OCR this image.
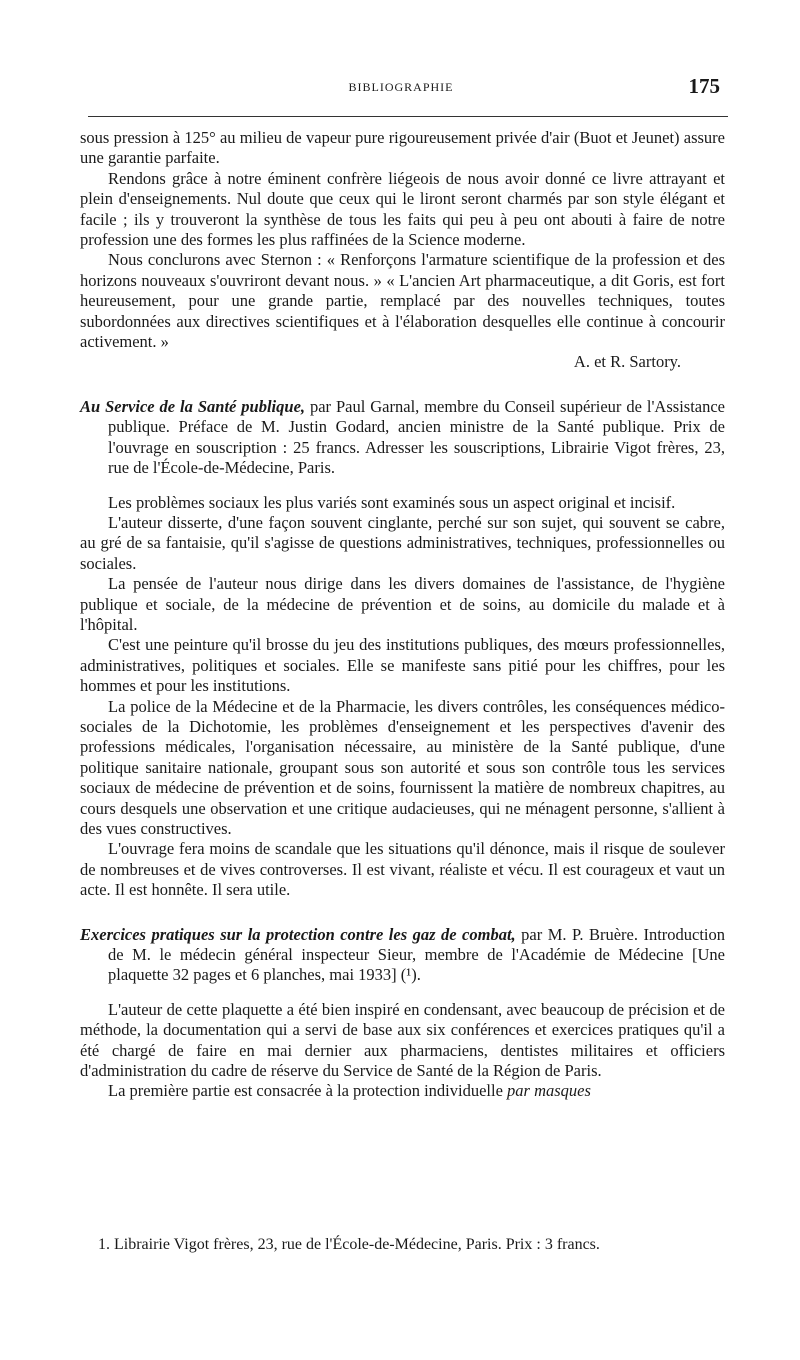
BIBLIOGRAPHIE	175

sous pression à 125° au milieu de vapeur pure rigoureusement privée d'air (Buot et Jeunet) assure une garantie parfaite.

Rendons grâce à notre éminent confrère liégeois de nous avoir donné ce livre attrayant et plein d'enseignements. Nul doute que ceux qui le liront seront charmés par son style élégant et facile ; ils y trouveront la synthèse de tous les faits qui peu à peu ont abouti à faire de notre profession une des formes les plus raffinées de la Science moderne.

Nous conclurons avec Sternon : « Renforçons l'armature scientifique de la profession et des horizons nouveaux s'ouvriront devant nous. » « L'ancien Art pharmaceutique, a dit Goris, est fort heureusement, pour une grande partie, remplacé par des nouvelles techniques, toutes subordonnées aux directives scientifiques et à l'élaboration desquelles elle continue à concourir activement. »

A. et R. Sartory.

Au Service de la Santé publique, par Paul Garnal, membre du Conseil supérieur de l'Assistance publique. Préface de M. Justin Godard, ancien ministre de la Santé publique. Prix de l'ouvrage en souscription : 25 francs. Adresser les souscriptions, Librairie Vigot frères, 23, rue de l'École-de-Médecine, Paris.

Les problèmes sociaux les plus variés sont examinés sous un aspect original et incisif.

L'auteur disserte, d'une façon souvent cinglante, perché sur son sujet, qui souvent se cabre, au gré de sa fantaisie, qu'il s'agisse de questions administratives, techniques, professionnelles ou sociales.

La pensée de l'auteur nous dirige dans les divers domaines de l'assistance, de l'hygiène publique et sociale, de la médecine de prévention et de soins, au domicile du malade et à l'hôpital.

C'est une peinture qu'il brosse du jeu des institutions publiques, des mœurs professionnelles, administratives, politiques et sociales. Elle se manifeste sans pitié pour les chiffres, pour les hommes et pour les institutions.

La police de la Médecine et de la Pharmacie, les divers contrôles, les conséquences médico-sociales de la Dichotomie, les problèmes d'enseignement et les perspectives d'avenir des professions médicales, l'organisation nécessaire, au ministère de la Santé publique, d'une politique sanitaire nationale, groupant sous son autorité et sous son contrôle tous les services sociaux de médecine de prévention et de soins, fournissent la matière de nombreux chapitres, au cours desquels une observation et une critique audacieuses, qui ne ménagent personne, s'allient à des vues constructives.

L'ouvrage fera moins de scandale que les situations qu'il dénonce, mais il risque de soulever de nombreuses et de vives controverses. Il est vivant, réaliste et vécu. Il est courageux et vaut un acte. Il est honnête. Il sera utile.

Exercices pratiques sur la protection contre les gaz de combat, par M. P. Bruère. Introduction de M. le médecin général inspecteur Sieur, membre de l'Académie de Médecine [Une plaquette 32 pages et 6 planches, mai 1933] (¹).

L'auteur de cette plaquette a été bien inspiré en condensant, avec beaucoup de précision et de méthode, la documentation qui a servi de base aux six conférences et exercices pratiques qu'il a été chargé de faire en mai dernier aux pharmaciens, dentistes militaires et officiers d'administration du cadre de réserve du Service de Santé de la Région de Paris.

La première partie est consacrée à la protection individuelle par masques

1. Librairie Vigot frères, 23, rue de l'École-de-Médecine, Paris. Prix : 3 francs.
